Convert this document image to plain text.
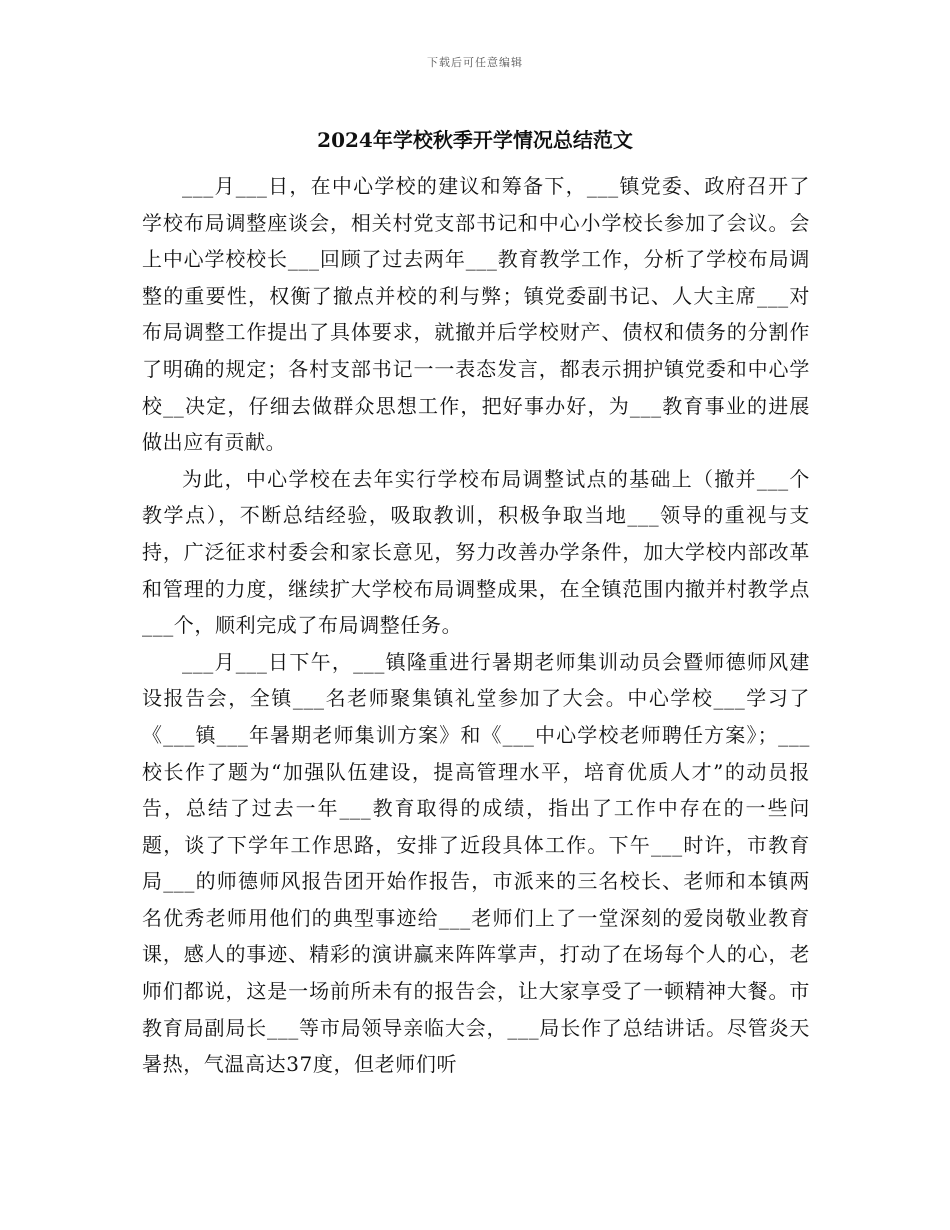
下载后可任意编辑
2024年学校秋季开学情况总结范文

___月___日，在中心学校的建议和筹备下，___镇党委、政府召开了学校布局调整座谈会，相关村党支部书记和中心小学校长参加了会议。会上中心学校校长___回顾了过去两年___教育教学工作，分析了学校布局调整的重要性，权衡了撤点并校的利与弊；镇党委副书记、人大主席___对布局调整工作提出了具体要求，就撤并后学校财产、债权和债务的分割作了明确的规定；各村支部书记一一表态发言，都表示拥护镇党委和中心学校__决定，仔细去做群众思想工作，把好事办好，为___教育事业的进展做出应有贡献。

为此，中心学校在去年实行学校布局调整试点的基础上（撤并___个教学点），不断总结经验，吸取教训，积极争取当地___领导的重视与支持，广泛征求村委会和家长意见，努力改善办学条件，加大学校内部改革和管理的力度，继续扩大学校布局调整成果，在全镇范围内撤并村教学点___个，顺利完成了布局调整任务。

___月___日下午，___镇隆重进行暑期老师集训动员会暨师德师风建设报告会，全镇___名老师聚集镇礼堂参加了大会。中心学校___学习了《___镇___年暑期老师集训方案》和《___中心学校老师聘任方案》；___校长作了题为“加强队伍建设，提高管理水平，培育优质人才”的动员报告，总结了过去一年___教育取得的成绩，指出了工作中存在的一些问题，谈了下学年工作思路，安排了近段具体工作。下午___时许，市教育局___的师德师风报告团开始作报告，市派来的三名校长、老师和本镇两名优秀老师用他们的典型事迹给___老师们上了一堂深刻的爱岗敬业教育课，感人的事迹、精彩的演讲赢来阵阵掌声，打动了在场每个人的心，老师们都说，这是一场前所未有的报告会，让大家享受了一顿精神大餐。市教育局副局长___等市局领导亲临大会，___局长作了总结讲话。尽管炎天暑热，气温高达37度，但老师们听
